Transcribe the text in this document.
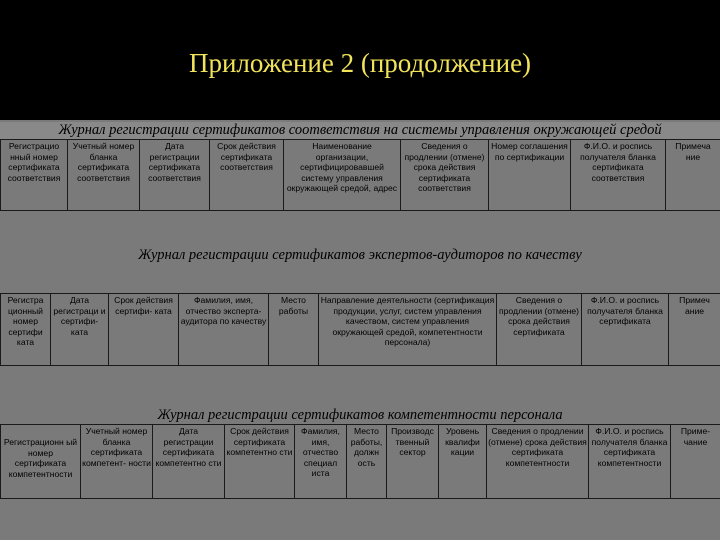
Приложение 2 (продолжение)
Журнал регистрации сертификатов соответствия на системы управления окружающей средой
Регистрацио нный номер сертификата соответствия	Учетный номер бланка сертификата соответствия	Дата регистрации сертификата соответствия	Срок действия сертификата соответствия	Наименование организации, сертифицировавшей систему управления окружающей средой, адрес	Сведения о продлении (отмене) срока действия сертификата соответствия	Номер соглашения по сертификации	Ф.И.О. и роспись получателя бланка сертификата соответствия	Примеча ние
Журнал регистрации сертификатов экспертов-аудиторов по качеству
Регистра ционный номер сертифи ката	Дата регистраци и сертифи- ката	Срок действия сертифи- ката	Фамилия, имя, отчество эксперта- аудитора по качеству	Место работы	Направление деятельности (сертификация продукции, услуг, систем управления качеством, систем управления окружающей средой, компетентности персонала)	Сведения о продлении (отмене) срока действия сертификата	Ф.И.О. и роспись получателя бланка сертификата	Примеч ание
Журнал регистрации сертификатов компетентности персонала
Регистрационн ый номер сертификата компетентности	Учетный номер бланка сертификата компетент- ности	Дата регистрации сертификата компетентно сти	Срок действия сертификата компетентно сти	Фамилия, имя, отчество специал иста	Место работы, должн ость	Производс твенный сектор	Уровень квалифи кации	Сведения о продлении (отмене) срока действия сертификата компетентности	Ф.И.О. и роспись получателя бланка сертификата компетентности	Приме- чание
